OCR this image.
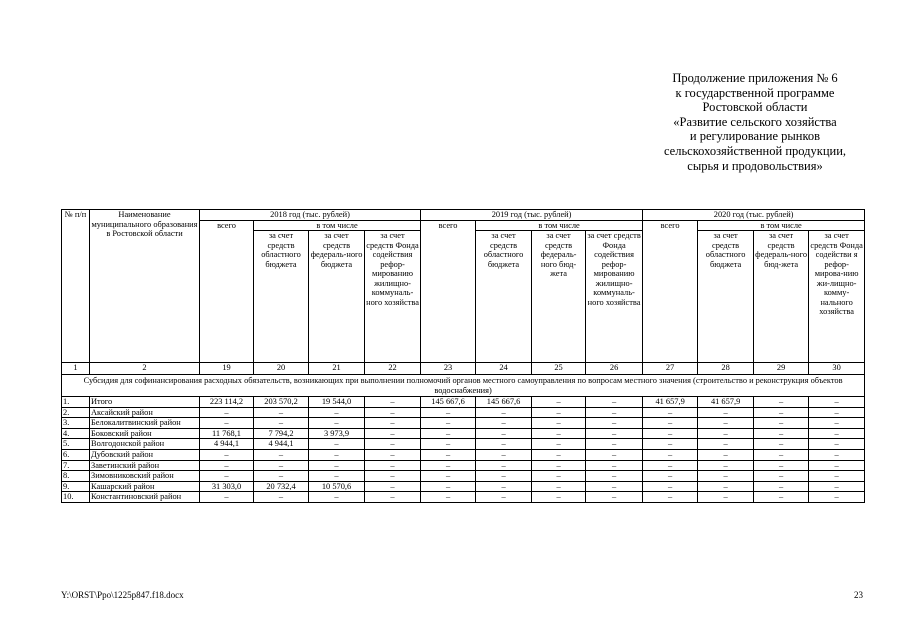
Продолжение приложения № 6
к государственной программе
Ростовской области
«Развитие сельского хозяйства
и регулирование рынков
сельскохозяйственной продукции,
сырья и продовольствия»
№ п/п	Наименование муниципального образования в Ростовской области	2018 год (тыс. рублей)				2019 год (тыс. рублей)				2020 год (тыс. рублей)			
		всего	в том числе			всего	в том числе			всего	в том числе		
			за счет средств областного бюджета	за счет средств федераль-ного бюджета	за счет средств Фонда содействия рефор-мированию жилищно-коммуналь-ного хозяйства		за счет средств областного бюджета	за счет средств федераль-ного бюд-жета	за счет средств Фонда содействия рефор-мированию жилищно-коммуналь-ного хозяйства		за счет средств областного бюджета	за счет средств федераль-ного бюд-жета	за счет средств Фонда содействи я рефор-мирова-нию жи-лищно-комму-нального хозяйства
1	2	19	20	21	22	23	24	25	26	27	28	29	30
Субсидия для софинансирования расходных обязательств, возникающих при выполнении полномочий органов местного самоуправления по вопросам местного значения (строительство и реконструкция объектов водоснабжения)													
1.	Итого	223 114,2	203 570,2	19 544,0	–	145 667,6	145 667,6	–	–	41 657,9	41 657,9	–	–
2.	Аксайский район	–	–	–	–	–	–	–	–	–	–	–	–
3.	Белокалитвинский район	–	–	–	–	–	–	–	–	–	–	–	–
4.	Боковский район	11 768,1	7 794,2	3 973,9	–	–	–	–	–	–	–	–	–
5.	Волгодонской район	4 944,1	4 944,1	–	–	–	–	–	–	–	–	–	–
6.	Дубовский район	–	–	–	–	–	–	–	–	–	–	–	–
7.	Заветинский район	–	–	–	–	–	–	–	–	–	–	–	–
8.	Зимовниковский район	–	–	–	–	–	–	–	–	–	–	–	–
9.	Кашарский район	31 303,0	20 732,4	10 570,6	–	–	–	–	–	–	–	–	–
10.	Константиновский район	–	–	–	–	–	–	–	–	–	–	–	–
Y:\ORST\Ppo\1225p847.f18.docx	23
